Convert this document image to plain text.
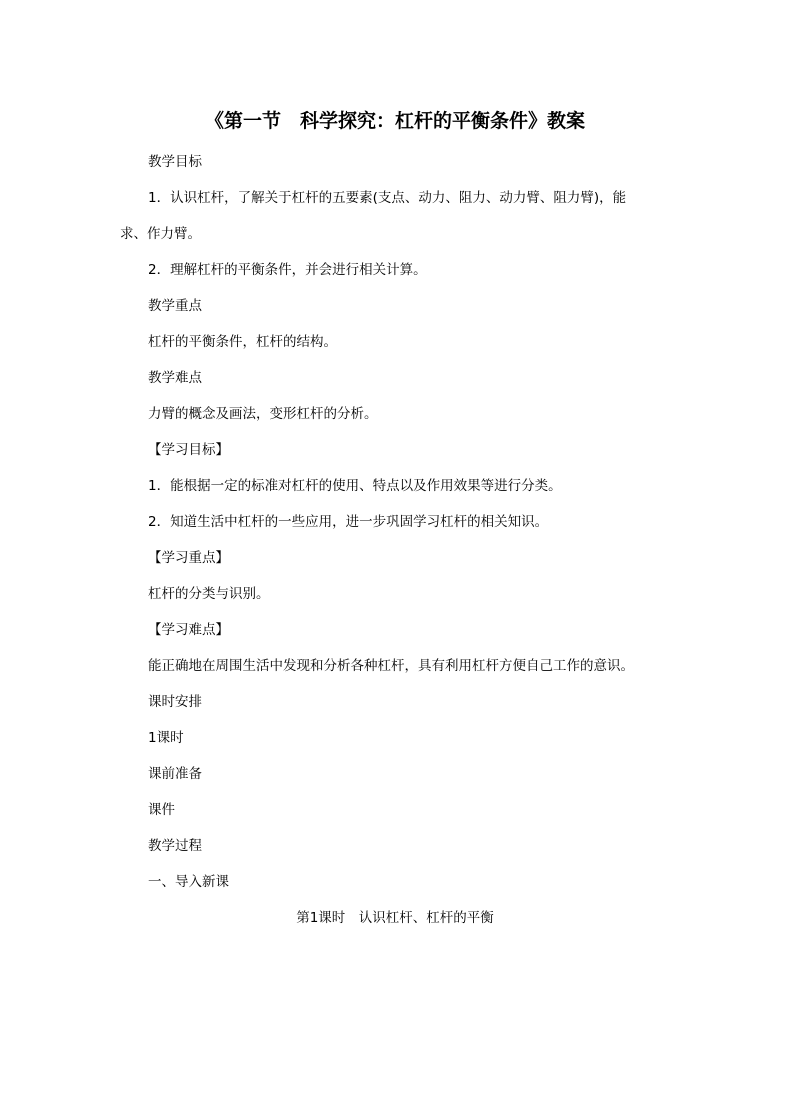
《第一节　科学探究：杠杆的平衡条件》教案
教学目标
1．认识杠杆，了解关于杠杆的五要素(支点、动力、阻力、动力臂、阻力臂)，能
求、作力臂。
2．理解杠杆的平衡条件，并会进行相关计算。
教学重点
杠杆的平衡条件，杠杆的结构。
教学难点
力臂的概念及画法，变形杠杆的分析。
【学习目标】
1．能根据一定的标准对杠杆的使用、特点以及作用效果等进行分类。
2．知道生活中杠杆的一些应用，进一步巩固学习杠杆的相关知识。
【学习重点】
杠杆的分类与识别。
【学习难点】
能正确地在周围生活中发现和分析各种杠杆，具有利用杠杆方便自己工作的意识。
课时安排
1课时
课前准备
课件
教学过程
一、导入新课
第1课时　认识杠杆、杠杆的平衡
